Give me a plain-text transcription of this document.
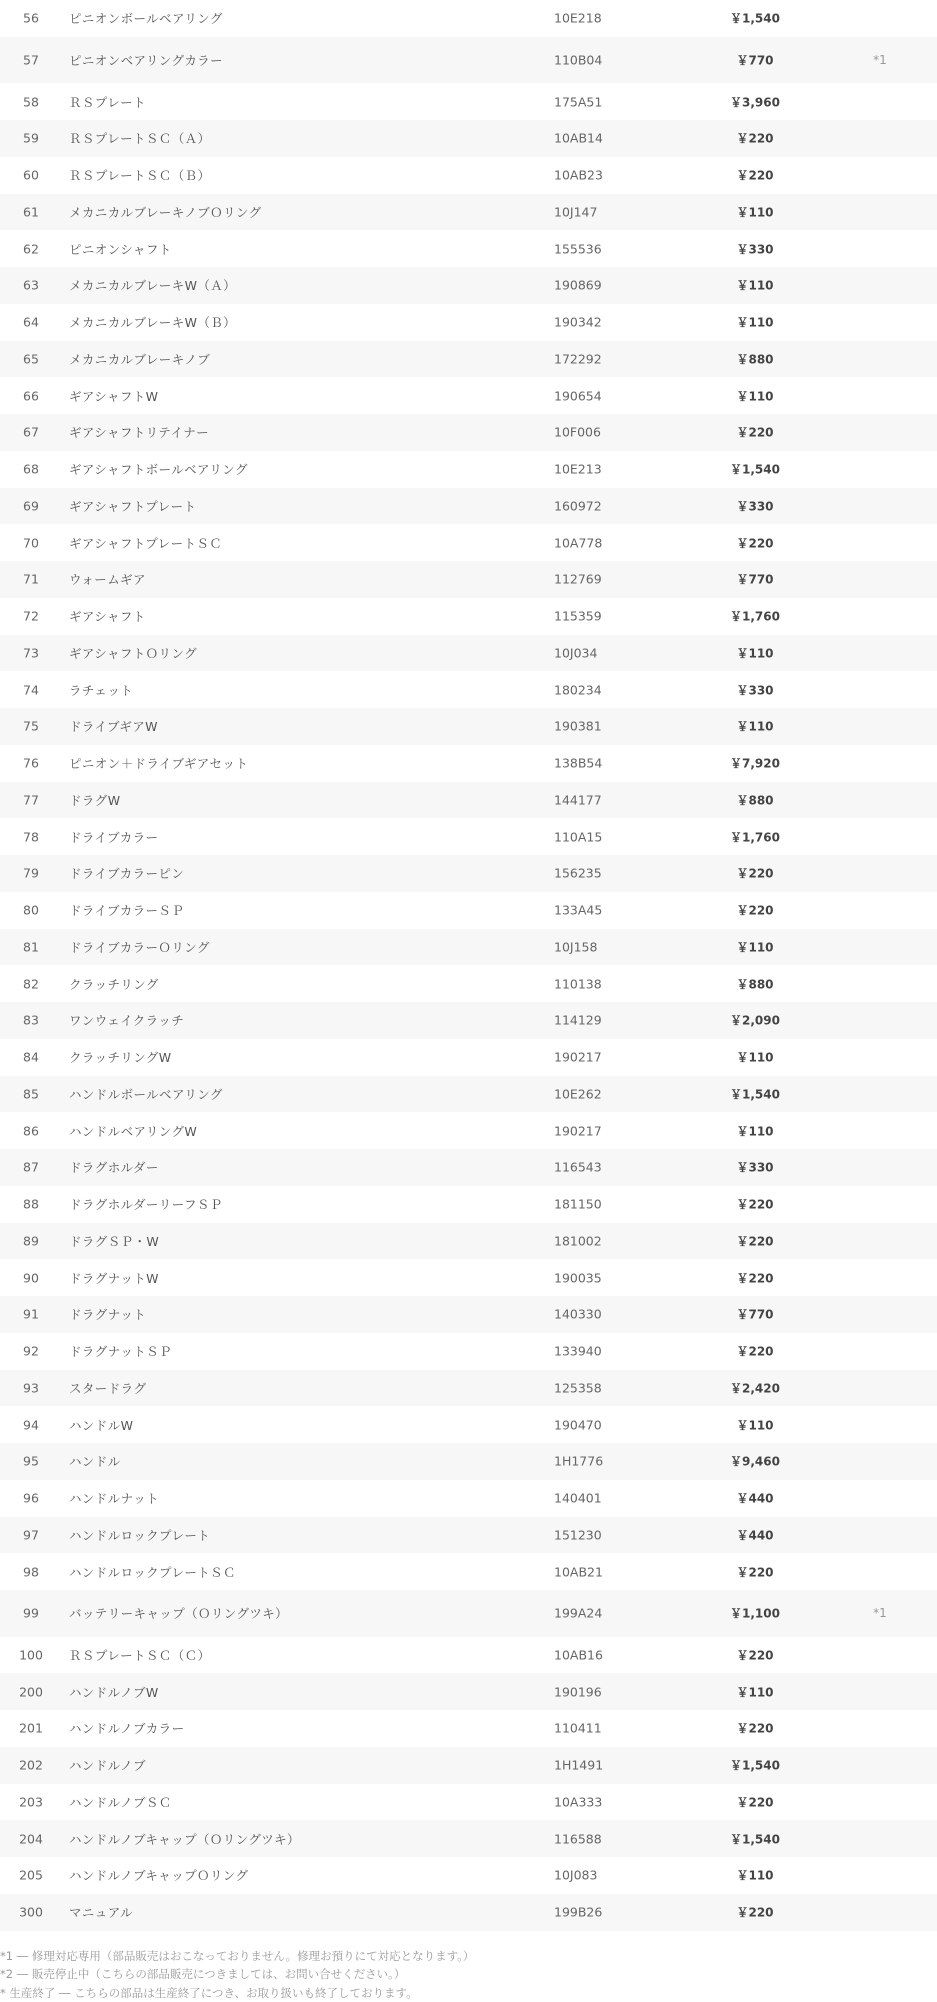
56	ピニオンボールベアリング	10E218	￥1,540
57	ピニオンベアリングカラー	110B04	￥770	*1
58	ＲＳプレート	175A51	￥3,960
59	ＲＳプレートＳＣ（Ａ）	10AB14	￥220
60	ＲＳプレートＳＣ（Ｂ）	10AB23	￥220
61	メカニカルブレーキノブＯリング	10J147	￥110
62	ピニオンシャフト	155536	￥330
63	メカニカルブレーキW（Ａ）	190869	￥110
64	メカニカルブレーキW（Ｂ）	190342	￥110
65	メカニカルブレーキノブ	172292	￥880
66	ギアシャフトW	190654	￥110
67	ギアシャフトリテイナー	10F006	￥220
68	ギアシャフトボールベアリング	10E213	￥1,540
69	ギアシャフトプレート	160972	￥330
70	ギアシャフトプレートＳＣ	10A778	￥220
71	ウォームギア	112769	￥770
72	ギアシャフト	115359	￥1,760
73	ギアシャフトＯリング	10J034	￥110
74	ラチェット	180234	￥330
75	ドライブギアW	190381	￥110
76	ピニオン＋ドライブギアセット	138B54	￥7,920
77	ドラグW	144177	￥880
78	ドライブカラー	110A15	￥1,760
79	ドライブカラーピン	156235	￥220
80	ドライブカラーＳＰ	133A45	￥220
81	ドライブカラーＯリング	10J158	￥110
82	クラッチリング	110138	￥880
83	ワンウェイクラッチ	114129	￥2,090
84	クラッチリングW	190217	￥110
85	ハンドルボールベアリング	10E262	￥1,540
86	ハンドルベアリングW	190217	￥110
87	ドラグホルダー	116543	￥330
88	ドラグホルダーリーフＳＰ	181150	￥220
89	ドラグＳＰ・W	181002	￥220
90	ドラグナットW	190035	￥220
91	ドラグナット	140330	￥770
92	ドラグナットＳＰ	133940	￥220
93	スタードラグ	125358	￥2,420
94	ハンドルW	190470	￥110
95	ハンドル	1H1776	￥9,460
96	ハンドルナット	140401	￥440
97	ハンドルロックプレート	151230	￥440
98	ハンドルロックプレートＳＣ	10AB21	￥220
99	バッテリーキャップ（Ｏリングツキ）	199A24	￥1,100	*1
100	ＲＳプレートＳＣ（Ｃ）	10AB16	￥220
200	ハンドルノブW	190196	￥110
201	ハンドルノブカラー	110411	￥220
202	ハンドルノブ	1H1491	￥1,540
203	ハンドルノブＳＣ	10A333	￥220
204	ハンドルノブキャップ（Ｏリングツキ）	116588	￥1,540
205	ハンドルノブキャップＯリング	10J083	￥110
300	マニュアル	199B26	￥220
*1 ― 修理対応専用（部品販売はおこなっておりません。修理お預りにて対応となります。）
*2 ― 販売停止中（こちらの部品販売につきましては、お問い合せください。）
* 生産終了 ― こちらの部品は生産終了につき、お取り扱いも終了しております。
